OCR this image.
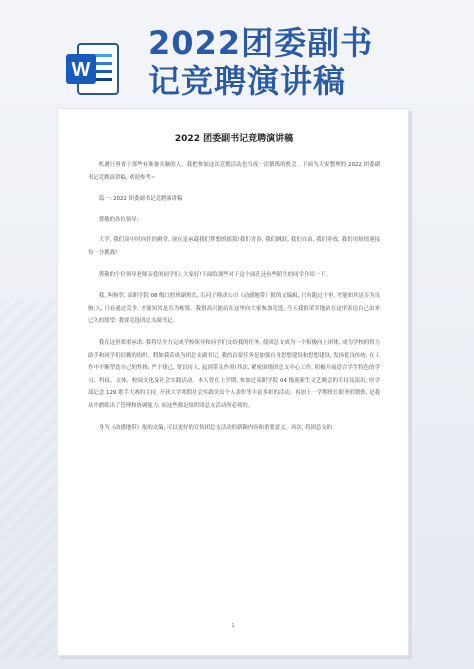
W
2022团委副书
记竞聘演讲稿
2022 团委副书记竞聘演讲稿

机遇只垂青于那些有准备头脑的人。我把参加这次竞聘活动也当成一次锻炼的机会。下面为大家整理的 2022 团委副书记竞聘演讲稿, 欢迎参考~

篇一: 2022 团委副书记竞聘演讲稿

尊敬的各位领导:

大学, 我们高中时向往的殿堂, 现在是承载我们梦想的摇篮!我们青春, 我们跳跃, 我们自由, 我们奔放, 我们用热情迎接每一分挑战!

尊敬的个位领导老师亲爱的同学们: 大家好!下面给那些对于这个面孔还有些陌生的同学介绍一下。

我, 叫杨翌, 高职学院 08 级口腔班副班长, 石河子移动公司《动感地带》报的文编辑, 只有跑过于里, 才能知其是否为良驹;人, 只有通过竞争, 才能知其是否为栋梁。我很高兴能站在这里向大家参加竞选, 今天我很荣幸地站在这里表达自己由来已久的愿望: 我要竞选团总支副书记。

我在这里郑重承诺: 我将尽全力完成学校领导和同学们交给我的任务, 使团总支成为一个积极向上团体, 成为学校的得力助手和同学们信赖的组织。假如我若成为团总支副书记, 我的首要任务是加强自身思想建设和思想建设, 发扬优良传统, 在工作中不断塑造自己的性格, 严于律己, 宽以待人, 起到带头作用!其次, 紧密围绕团总支中心工作, 积极开展适合学生特色的学习、科技、文体、校园文化及社会实践活动。本人曾在上学期, 参加过高职学院 04 级迎新生文艺晚会的主持及演出, 医学部记念 129 歌手大赛的主持, 开获大学寒假社会实践突出个人表彰等丰富多彩的活动。再加上一学期班长职务的锻炼, 是我从中磨练出了管理和协调能力, 而这些都是组织团总支活动所必须的。

身为《动感地带》报的文编, 可以更好的宣传团总支活动的新颖内容和重要意义。再次, 将团总支的

1
